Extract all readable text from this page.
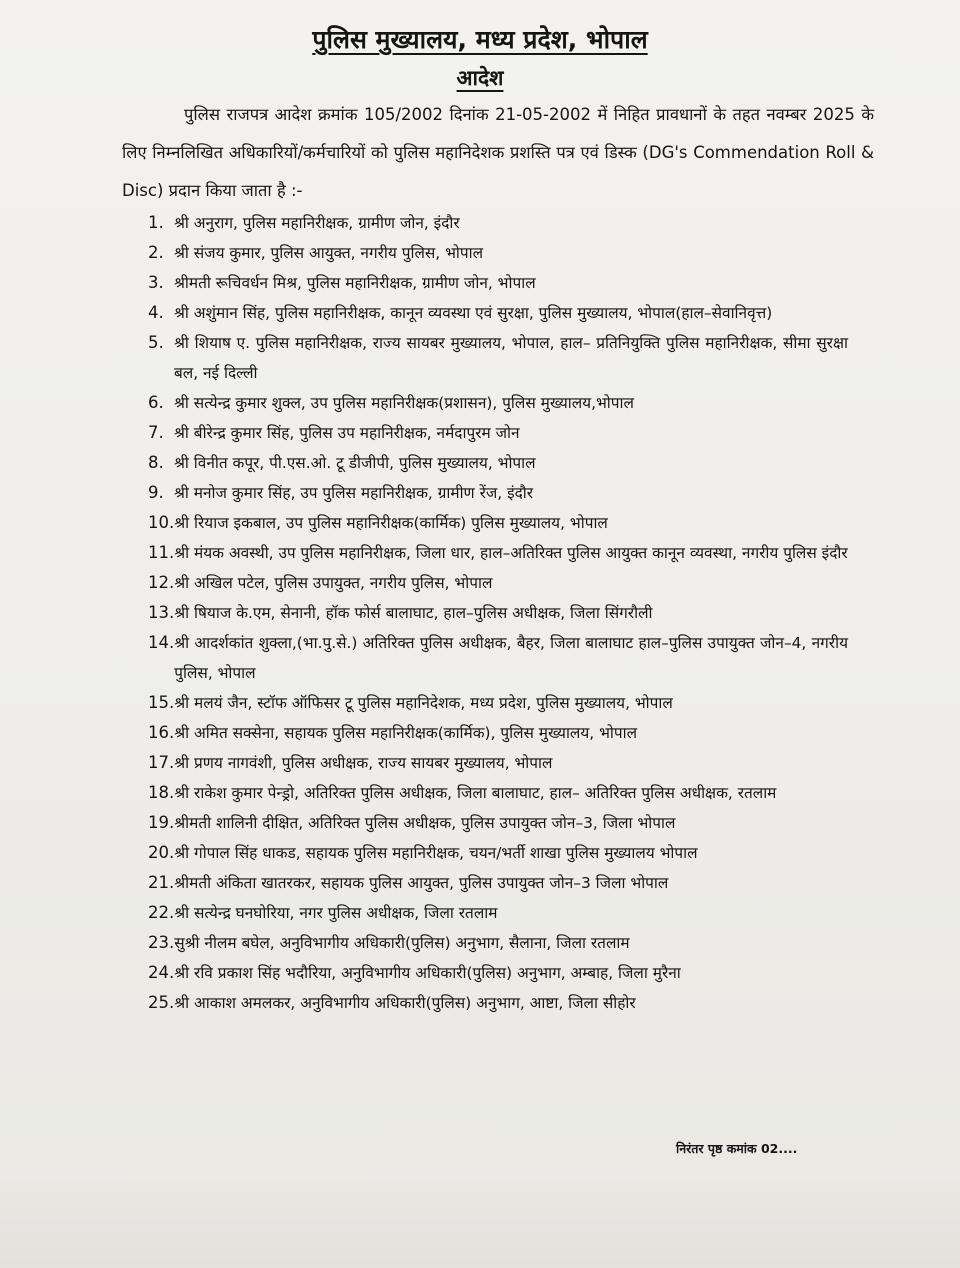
पुलिस मुख्यालय, मध्य प्रदेश, भोपाल
आदेश

पुलिस राजपत्र आदेश क्रमांक 105/2002 दिनांक 21-05-2002 में निहित प्रावधानों के तहत नवम्बर 2025 के लिए निम्नलिखित अधिकारियों/कर्मचारियों को पुलिस महानिदेशक प्रशस्ति पत्र एवं डिस्क (DG's Commendation Roll & Disc) प्रदान किया जाता है :-

1. श्री अनुराग, पुलिस महानिरीक्षक, ग्रामीण जोन, इंदौर
2. श्री संजय कुमार, पुलिस आयुक्त, नगरीय पुलिस, भोपाल
3. श्रीमती रूचिवर्धन मिश्र, पुलिस महानिरीक्षक, ग्रामीण जोन, भोपाल
4. श्री अशुंमान सिंह, पुलिस महानिरीक्षक, कानून व्यवस्था एवं सुरक्षा, पुलिस मुख्यालय, भोपाल(हाल–सेवानिवृत्त)
5. श्री शियाष ए. पुलिस महानिरीक्षक, राज्य सायबर मुख्यालय, भोपाल, हाल– प्रतिनियुक्ति पुलिस महानिरीक्षक, सीमा सुरक्षा बल, नई दिल्ली
6. श्री सत्येन्द्र कुमार शुक्ल, उप पुलिस महानिरीक्षक(प्रशासन), पुलिस मुख्यालय,भोपाल
7. श्री बीरेन्द्र कुमार सिंह, पुलिस उप महानिरीक्षक, नर्मदापुरम जोन
8. श्री विनीत कपूर, पी.एस.ओ. टू डीजीपी, पुलिस मुख्यालय, भोपाल
9. श्री मनोज कुमार सिंह, उप पुलिस महानिरीक्षक, ग्रामीण रेंज, इंदौर
10. श्री रियाज इकबाल, उप पुलिस महानिरीक्षक(कार्मिक) पुलिस मुख्यालय, भोपाल
11. श्री मंयक अवस्थी, उप पुलिस महानिरीक्षक, जिला धार, हाल–अतिरिक्त पुलिस आयुक्त कानून व्यवस्था, नगरीय पुलिस इंदौर
12. श्री अखिल पटेल, पुलिस उपायुक्त, नगरीय पुलिस, भोपाल
13. श्री षियाज के.एम, सेनानी, हॉक फोर्स बालाघाट, हाल–पुलिस अधीक्षक, जिला सिंगरौली
14. श्री आदर्शकांत शुक्ला,(भा.पु.से.) अतिरिक्त पुलिस अधीक्षक, बैहर, जिला बालाघाट हाल–पुलिस उपायुक्त जोन–4, नगरीय पुलिस, भोपाल
15. श्री मलयं जैन, स्टॉफ ऑफिसर टू पुलिस महानिदेशक, मध्य प्रदेश, पुलिस मुख्यालय, भोपाल
16. श्री अमित सक्सेना, सहायक पुलिस महानिरीक्षक(कार्मिक), पुलिस मुख्यालय, भोपाल
17. श्री प्रणय नागवंशी, पुलिस अधीक्षक, राज्य सायबर मुख्यालय, भोपाल
18. श्री राकेश कुमार पेन्ड्रो, अतिरिक्त पुलिस अधीक्षक, जिला बालाघाट, हाल– अतिरिक्त पुलिस अधीक्षक, रतलाम
19. श्रीमती शालिनी दीक्षित, अतिरिक्त पुलिस अधीक्षक, पुलिस उपायुक्त जोन–3, जिला भोपाल
20. श्री गोपाल सिंह धाकड, सहायक पुलिस महानिरीक्षक, चयन/भर्ती शाखा पुलिस मुख्यालय भोपाल
21. श्रीमती अंकिता खातरकर, सहायक पुलिस आयुक्त, पुलिस उपायुक्त जोन–3 जिला भोपाल
22. श्री सत्येन्द्र घनघोरिया, नगर पुलिस अधीक्षक, जिला रतलाम
23. सुश्री नीलम बघेल, अनुविभागीय अधिकारी(पुलिस) अनुभाग, सैलाना, जिला रतलाम
24. श्री रवि प्रकाश सिंह भदौरिया, अनुविभागीय अधिकारी(पुलिस) अनुभाग, अम्बाह, जिला मुरैना
25. श्री आकाश अमलकर, अनुविभागीय अधिकारी(पुलिस) अनुभाग, आष्टा, जिला सीहोर
निरंतर पृष्ठ कमांक 02....
